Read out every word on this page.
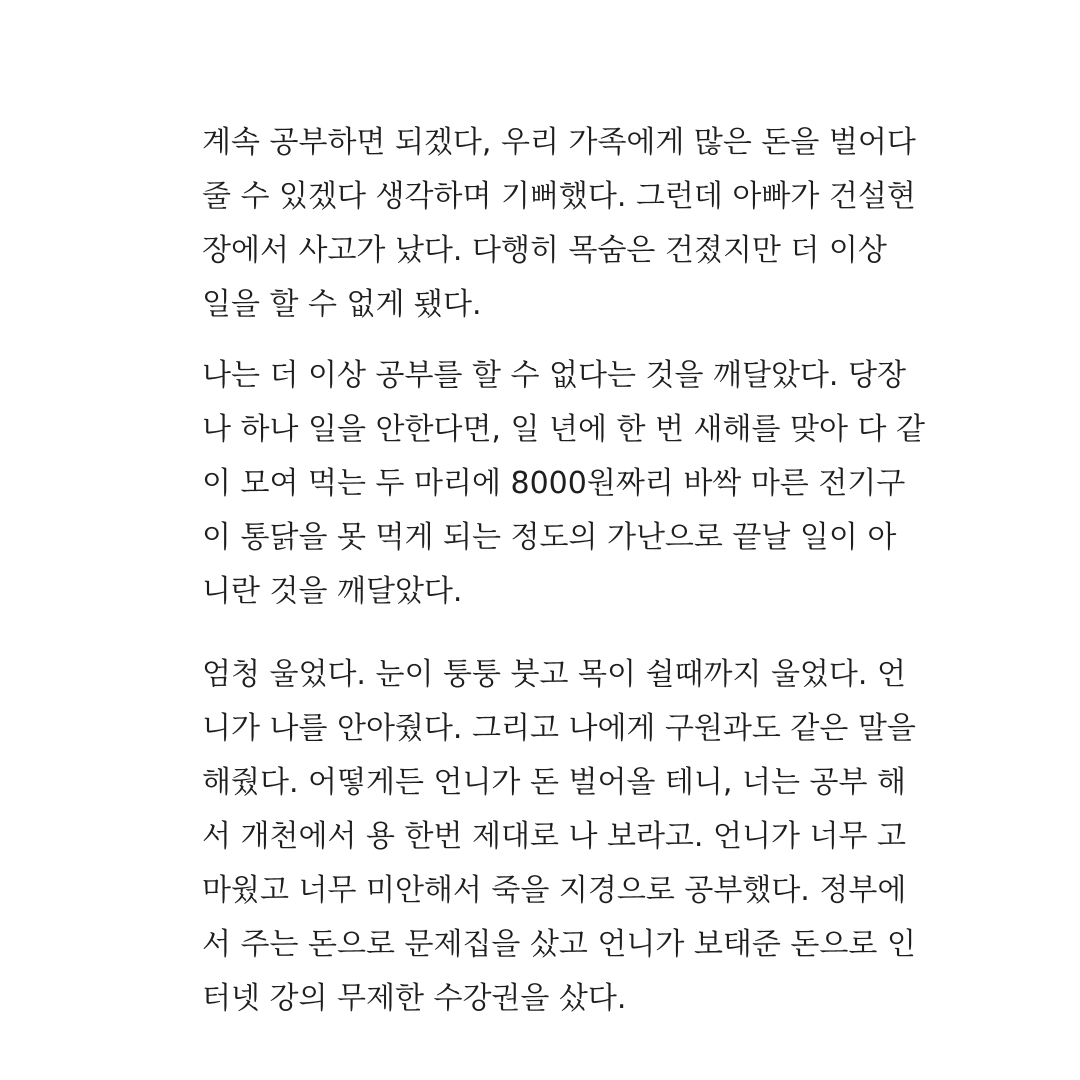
계속 공부하면 되겠다, 우리 가족에게 많은 돈을 벌어다
줄 수 있겠다 생각하며 기뻐했다. 그런데 아빠가 건설현
장에서 사고가 났다. 다행히 목숨은 건졌지만 더 이상
일을 할 수 없게 됐다.
나는 더 이상 공부를 할 수 없다는 것을 깨달았다. 당장
나 하나 일을 안한다면, 일 년에 한 번 새해를 맞아 다 같
이 모여 먹는 두 마리에 8000원짜리 바싹 마른 전기구
이 통닭을 못 먹게 되는 정도의 가난으로 끝날 일이 아
니란 것을 깨달았다.
엄청 울었다. 눈이 퉁퉁 붓고 목이 쉴때까지 울었다. 언
니가 나를 안아줬다. 그리고 나에게 구원과도 같은 말을
해줬다. 어떻게든 언니가 돈 벌어올 테니, 너는 공부 해
서 개천에서 용 한번 제대로 나 보라고. 언니가 너무 고
마웠고 너무 미안해서 죽을 지경으로 공부했다. 정부에
서 주는 돈으로 문제집을 샀고 언니가 보태준 돈으로 인
터넷 강의 무제한 수강권을 샀다.
